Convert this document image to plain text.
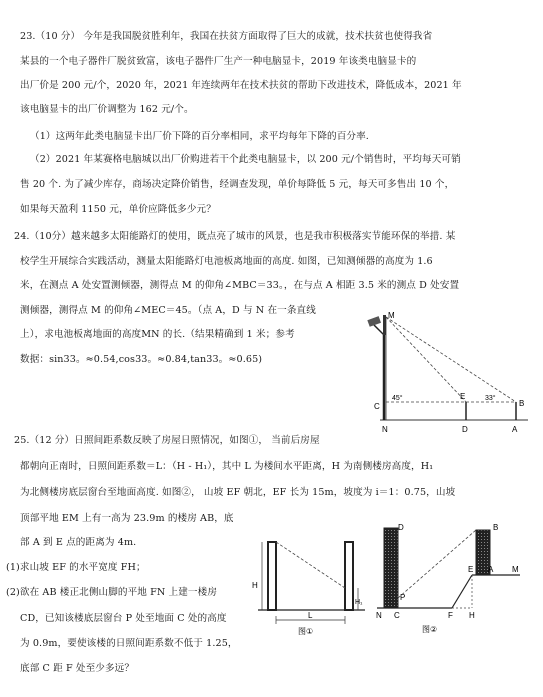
23.（10 分） 今年是我国脱贫胜利年，我国在扶贫方面取得了巨大的成就，技术扶贫也使得我省
某县的一个电子器件厂脱贫致富，该电子器件厂生产一种电脑显卡，2019 年该类电脑显卡的
出厂价是 200 元/个，2020 年，2021 年连续两年在技术扶贫的帮助下改进技术，降低成本，2021 年
该电脑显卡的出厂价调整为 162 元/个。
（1）这两年此类电脑显卡出厂价下降的百分率相同，求平均每年下降的百分率.
（2）2021 年某赛格电脑城以出厂价购进若干个此类电脑显卡，以 200 元/个销售时，平均每天可销
售 20 个. 为了减少库存，商场决定降价销售，经调查发现，单价每降低 5 元，每天可多售出 10 个，
如果每天盈利 1150 元，单价应降低多少元？
24.（10分）越来越多太阳能路灯的使用，既点亮了城市的风景，也是我市积极落实节能环保的举措. 某
校学生开展综合实践活动，测量太阳能路灯电池板离地面的高度. 如图，已知测倾器的高度为 1.6
米，在测点 A 处安置测倾器，测得点 M 的仰角∠MBC＝33。，在与点 A 相距 3.5 米的测点 D 处安置
测倾器，测得点 M 的仰角∠MEC＝45。（点 A，D 与 N 在一条直线
上），求电池板离地面的高度MN 的长.（结果精确到 1 米；参考
数据：sin33。≈0.54,cos33。≈0.84,tan33。≈0.65)
M
C
45°	E	33°
B
N	D	A
25.（12 分）日照间距系数反映了房屋日照情况，如图①， 当前后房屋
都朝向正南时，日照间距系数＝L：（H - H₁），其中 L 为楼间水平距离，H 为南侧楼房高度，H₁
为北侧楼房底层窗台至地面高度. 如图②， 山坡 EF 朝北，EF 长为 15m，坡度为 i＝1：0.75，山坡
顶部平地 EM 上有一高为 23.9m 的楼房 AB，底
部 A 到 E 点的距离为 4m.
(1)求山坡 EF 的水平宽度 FH；
(2)欲在 AB 楼正北侧山脚的平地 FN 上建一楼房
CD，已知该楼底层窗台 P 处至地面 C 处的高度
为 0.9m，要使该楼的日照间距系数不低于 1.25，
底部 C 距 F 处至少多远？
H
H₁
L
图①
D	B
P
E A M
N C	F H
图②
